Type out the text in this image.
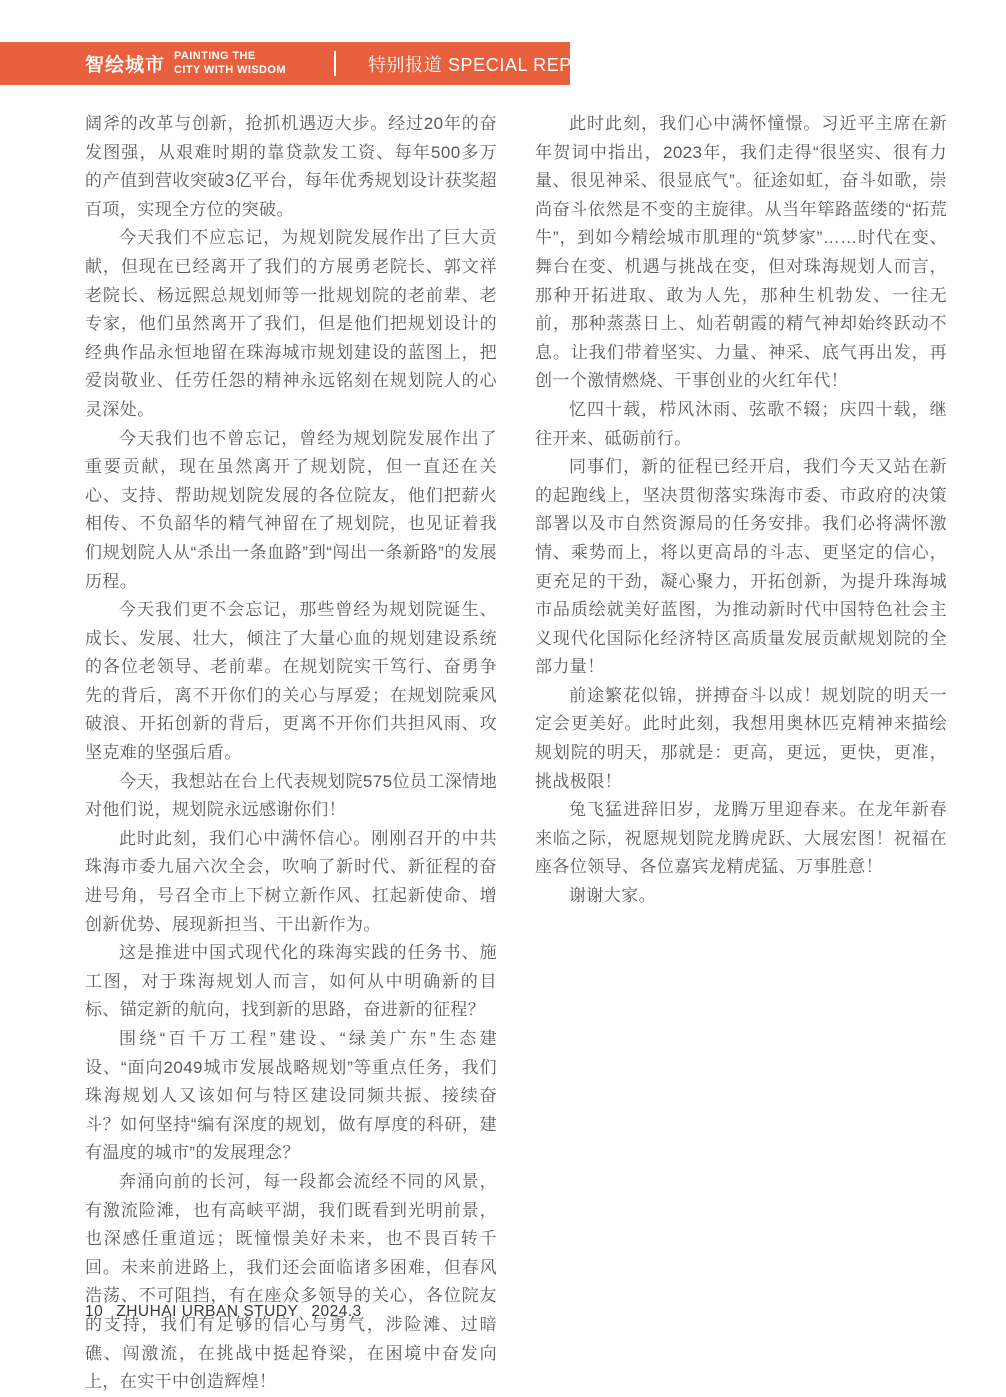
智绘城市 PAINTING THE
CITY WITH WISDOM	特别报道 SPECIAL REPORT

阔斧的改革与创新，抢抓机遇迈大步。经过20年的奋发图强，从艰难时期的靠贷款发工资、每年500多万的产值到营收突破3亿平台，每年优秀规划设计获奖超百项，实现全方位的突破。

今天我们不应忘记，为规划院发展作出了巨大贡献，但现在已经离开了我们的方展勇老院长、郭文祥老院长、杨远熙总规划师等一批规划院的老前辈、老专家，他们虽然离开了我们，但是他们把规划设计的经典作品永恒地留在珠海城市规划建设的蓝图上，把爱岗敬业、任劳任怨的精神永远铭刻在规划院人的心灵深处。

今天我们也不曾忘记，曾经为规划院发展作出了重要贡献，现在虽然离开了规划院，但一直还在关心、支持、帮助规划院发展的各位院友，他们把薪火相传、不负韶华的精气神留在了规划院，也见证着我们规划院人从“杀出一条血路”到“闯出一条新路”的发展历程。

今天我们更不会忘记，那些曾经为规划院诞生、成长、发展、壮大，倾注了大量心血的规划建设系统的各位老领导、老前辈。在规划院实干笃行、奋勇争先的背后，离不开你们的关心与厚爱；在规划院乘风破浪、开拓创新的背后，更离不开你们共担风雨、攻坚克难的坚强后盾。

今天，我想站在台上代表规划院575位员工深情地对他们说，规划院永远感谢你们！

此时此刻，我们心中满怀信心。刚刚召开的中共珠海市委九届六次全会，吹响了新时代、新征程的奋进号角，号召全市上下树立新作风、扛起新使命、增创新优势、展现新担当、干出新作为。

这是推进中国式现代化的珠海实践的任务书、施工图，对于珠海规划人而言，如何从中明确新的目标、锚定新的航向，找到新的思路，奋进新的征程？

围绕“百千万工程”建设、“绿美广东”生态建设、“面向2049城市发展战略规划”等重点任务，我们珠海规划人又该如何与特区建设同频共振、接续奋斗？如何坚持“编有深度的规划，做有厚度的科研，建有温度的城市”的发展理念？

奔涌向前的长河，每一段都会流经不同的风景，有激流险滩，也有高峡平湖，我们既看到光明前景，也深感任重道远；既憧憬美好未来，也不畏百转千回。未来前进路上，我们还会面临诸多困难，但春风浩荡、不可阻挡，有在座众多领导的关心，各位院友的支持，我们有足够的信心与勇气，涉险滩、过暗礁、闯激流，在挑战中挺起脊梁，在困境中奋发向上，在实干中创造辉煌！

此时此刻，我们心中满怀憧憬。习近平主席在新年贺词中指出，2023年，我们走得“很坚实、很有力量、很见神采、很显底气”。征途如虹，奋斗如歌，崇尚奋斗依然是不变的主旋律。从当年筚路蓝缕的“拓荒牛”，到如今精绘城市肌理的“筑梦家”……时代在变、舞台在变、机遇与挑战在变，但对珠海规划人而言，那种开拓进取、敢为人先，那种生机勃发、一往无前，那种蒸蒸日上、灿若朝霞的精气神却始终跃动不息。让我们带着坚实、力量、神采、底气再出发，再创一个激情燃烧、干事创业的火红年代！

忆四十载，栉风沐雨、弦歌不辍；庆四十载，继往开来、砥砺前行。

同事们，新的征程已经开启，我们今天又站在新的起跑线上，坚决贯彻落实珠海市委、市政府的决策部署以及市自然资源局的任务安排。我们必将满怀激情、乘势而上，将以更高昂的斗志、更坚定的信心，更充足的干劲，凝心聚力，开拓创新，为提升珠海城市品质绘就美好蓝图，为推动新时代中国特色社会主义现代化国际化经济特区高质量发展贡献规划院的全部力量！

前途繁花似锦，拼搏奋斗以成！规划院的明天一定会更美好。此时此刻，我想用奥林匹克精神来描绘规划院的明天，那就是：更高，更远，更快，更准，挑战极限！

兔飞猛进辞旧岁，龙腾万里迎春来。在龙年新春来临之际，祝愿规划院龙腾虎跃、大展宏图！祝福在座各位领导、各位嘉宾龙精虎猛、万事胜意！

谢谢大家。

10 ZHUHAI URBAN STUDY 2024.3
